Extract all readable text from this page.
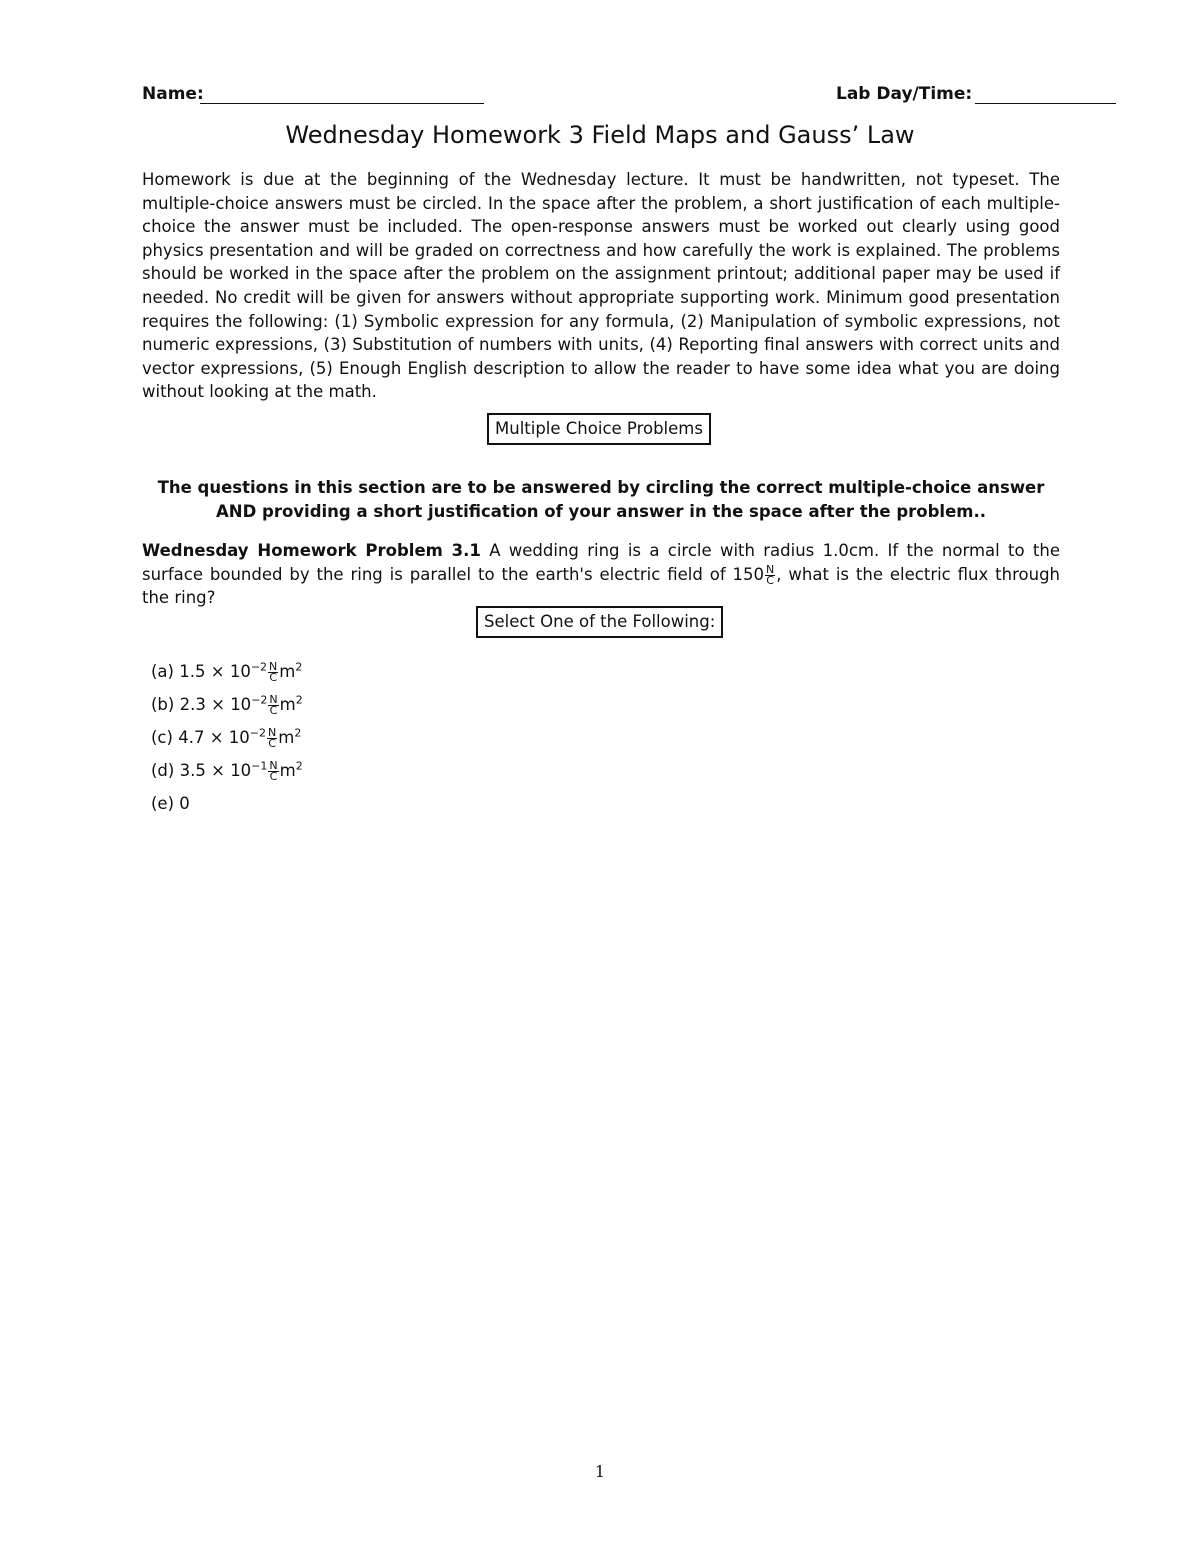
Name:	Lab Day/Time:
Wednesday Homework 3 Field Maps and Gauss’ Law

Homework is due at the beginning of the Wednesday lecture. It must be handwritten, not typeset. The multiple-choice answers must be circled. In the space after the problem, a short justification of each multiple-choice the answer must be included. The open-response answers must be worked out clearly using good physics presentation and will be graded on correctness and how carefully the work is explained. The problems should be worked in the space after the problem on the assignment printout; additional paper may be used if needed. No credit will be given for answers without appropriate supporting work. Minimum good presentation requires the following: (1) Symbolic expression for any formula, (2) Manipulation of symbolic expressions, not numeric expressions, (3) Substitution of numbers with units, (4) Reporting final answers with correct units and vector expressions, (5) Enough English description to allow the reader to have some idea what you are doing without looking at the math.

Multiple Choice Problems

The questions in this section are to be answered by circling the correct multiple-choice answer AND providing a short justification of your answer in the space after the problem..

Wednesday Homework Problem 3.1 A wedding ring is a circle with radius 1.0cm. If the normal to the surface bounded by the ring is parallel to the earth's electric field of $150 \frac{N}{C}$ , what is the electric flux through the ring?

Select One of the Following:
(a) $1.5 \times 10^{-2} \frac{N}{C} m^2$
(b) $2.3 \times 10^{-2} \frac{N}{C} m^2$
(c) $4.7 \times 10^{-2} \frac{N}{C} m^2$
(d) $3.5 \times 10^{-1} \frac{N}{C} m^2$
(e) 0
1
